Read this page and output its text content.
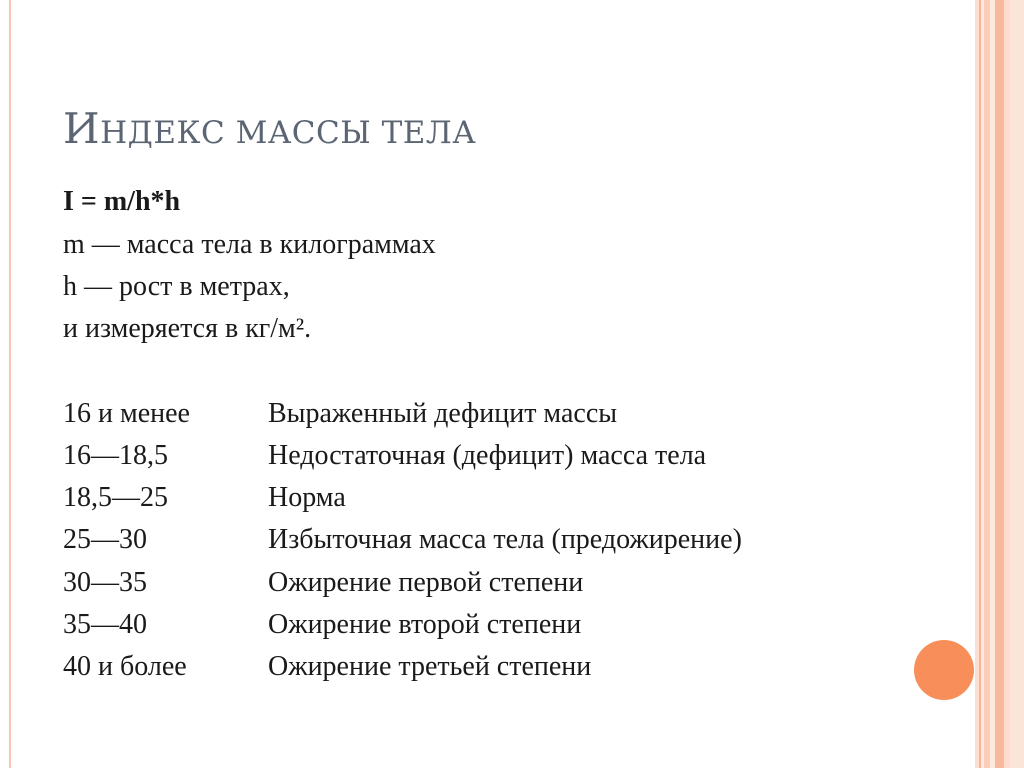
ИНДЕКС МАССЫ ТЕЛА
I = m/h*h
m — масса тела в килограммах
h — рост в метрах,
и измеряется в кг/м².
16 и менее	Выраженный дефицит массы
16—18,5	Недостаточная (дефицит) масса тела
18,5—25	Норма
25—30	Избыточная масса тела (предожирение)
30—35	Ожирение первой степени
35—40	Ожирение второй степени
40 и более	Ожирение третьей степени
